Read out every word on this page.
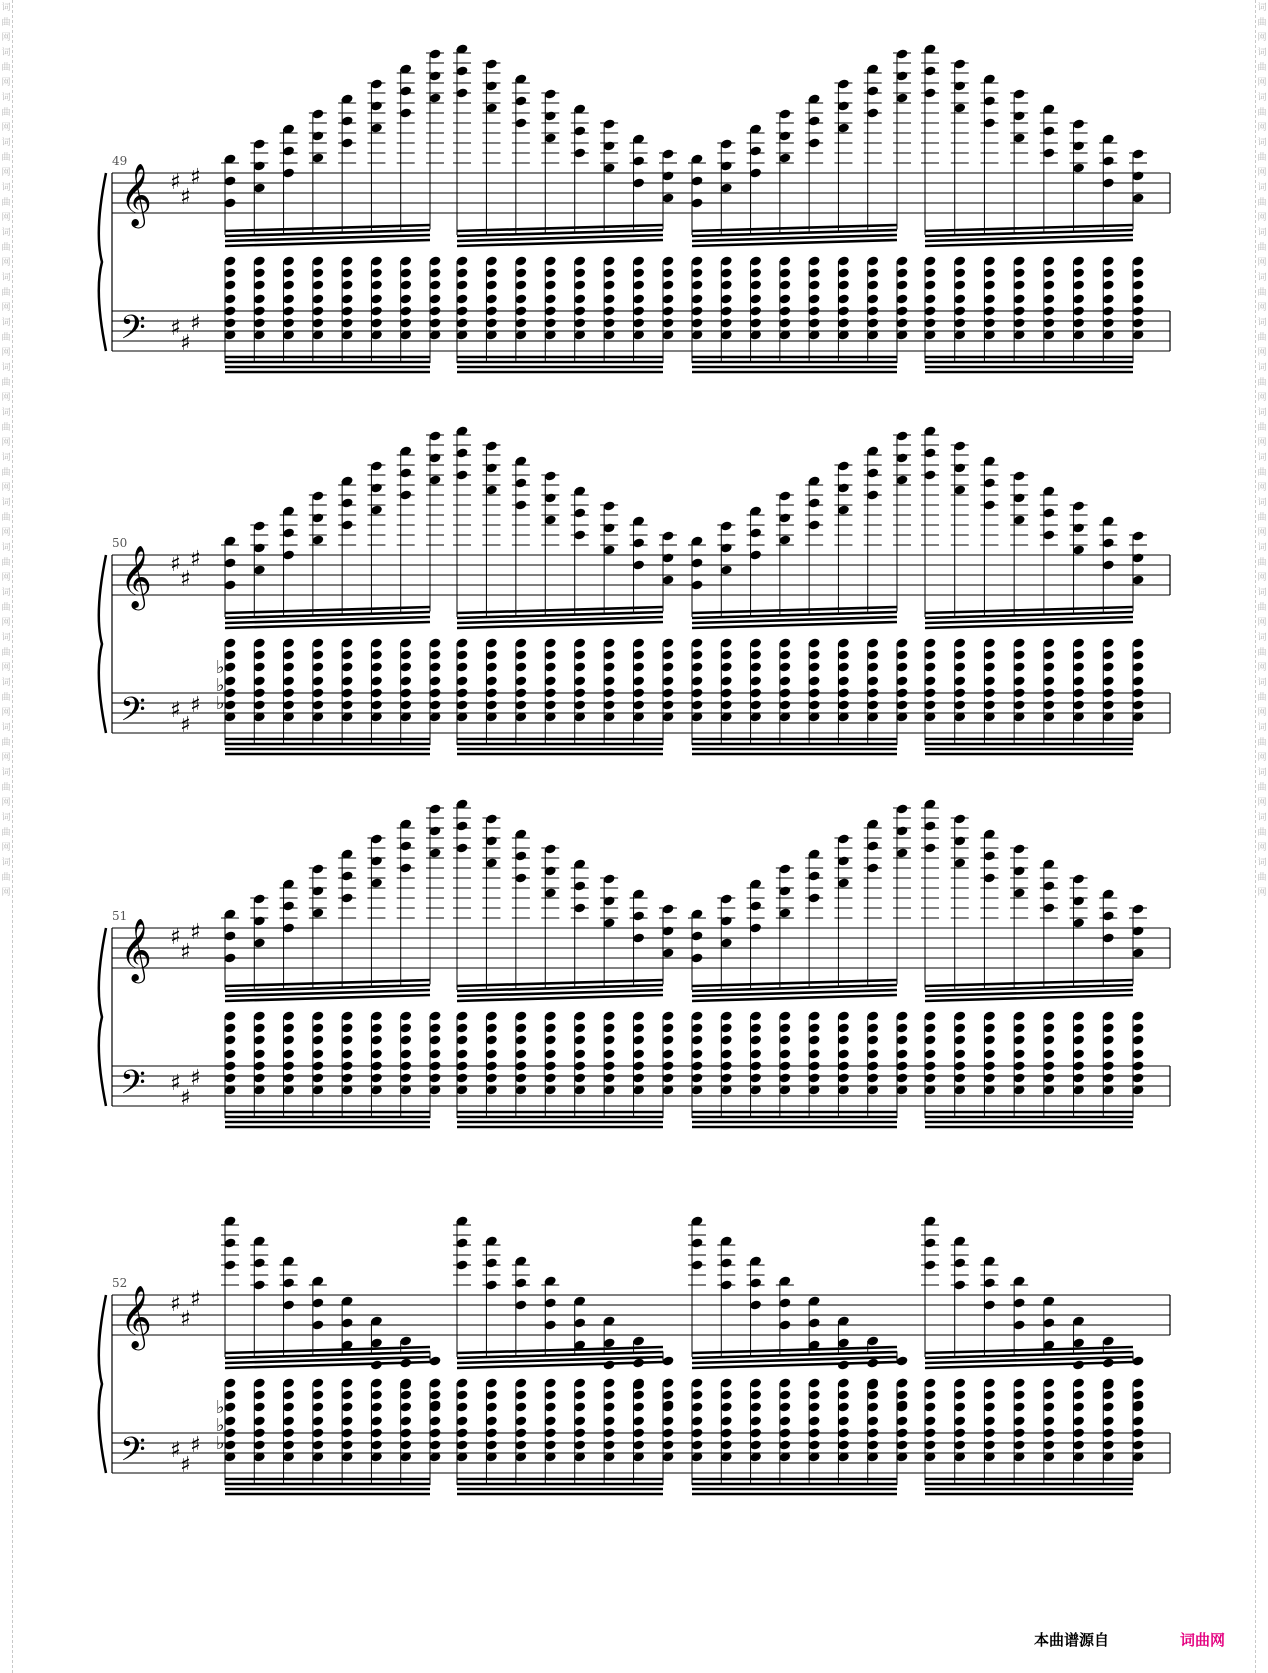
词
曲
网
词
曲
网
词
曲
网
词
曲
网
词
曲
网
词
曲
网
词
曲
网
词
曲
网
词
曲
网
词
曲
网
词
曲
网
词
曲
网
词
曲
网
词
曲
网
词
曲
网
词
曲
网
词
曲
网
词
曲
网
词
曲
网
词
曲
网
词
曲
网
词
曲
网
词
曲
网
词
曲
网
词
曲
网
词
曲
网
词
曲
网
词
曲
网
词
曲
网
词
曲
网
词
曲
网
词
曲
网
词
曲
网
词
曲
网
词
曲
网
词
曲
网
词
曲
网
词
曲
网
词
曲
网
词
曲
网
49
𝄞
𝄢
♯
♯
♯
♯
♯
♯
50
𝄞
𝄢
♯
♯
♯
♯
♯
♯
♭
♭
♭
51
𝄞
𝄢
♯
♯
♯
♯
♯
♯
52
𝄞
𝄢
♯
♯
♯
♯
♯
♯
♭
♭
♭
本曲谱源自	词曲网
